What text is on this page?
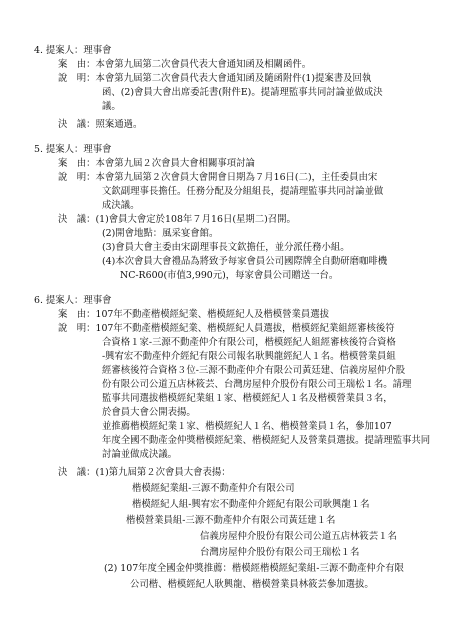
4. 提案人：理事會
案　由：本會第九屆第二次會員代表大會通知函及相關函件。
說　明：本會第九屆第二次會員代表大會通知函及隨函附件(1)提案書及回執
函、(2)會員大會出席委託書(附件E)。提請理監事共同討論並做成決
議。
決　議：照案通過。
5. 提案人：理事會
案　由：本會第九屆２次會員大會相關事項討論
說　明：本會第九屆第２次會員大會開會日期為７月16日(二)，主任委員由宋
文欽副理事長擔任。任務分配及分組組長，提請理監事共同討論並做
成決議。
決　議：(1)會員大會定於108年７月16日(星期二)召開。
(2)開會地點：風采宴會館。
(3)會員大會主委由宋副理事長文欽擔任，並分派任務小組。
(4)本次會員大會禮品為將致予每家會員公司國際牌全自動研磨咖啡機
NC-R600(市值3,990元)，每家會員公司贈送一台。
6. 提案人：理事會
案　由：107年不動產楷模經紀業、楷模經紀人及楷模營業員選拔
說　明：107年不動產楷模經紀業、楷模經紀人員選拔，楷模經紀業組經審核後符
合資格１家-三源不動產仲介有限公司，楷模經紀人組經審核後符合資格
-興宥宏不動產仲介經紀有限公司報名耿興龍經紀人１名。楷模營業員組
經審核後符合資格３位-三源不動產仲介有限公司黃廷建、信義房屋仲介股
份有限公司公道五店林筱芸、台灣房屋仲介股份有限公司王瑞松１名。請理
監事共同選拔楷模經紀業組１家、楷模經紀人１名及楷模營業員３名，
於會員大會公開表揚。
並推薦楷模經紀業１家、楷模經紀人１名、楷模營業員１名，參加107
年度全國不動產金仲獎楷模經紀業、楷模經紀人及營業員選拔。提請理監事共同
討論並做成決議。
決　議：(1)第九屆第２次會員大會表揚：
楷模經紀業組-三源不動產仲介有限公司
楷模經紀人組-興宥宏不動產仲介經紀有限公司耿興龍１名
楷模營業員組-三源不動產仲介有限公司黃廷建１名
信義房屋仲介股份有限公司公道五店林筱芸１名
台灣房屋仲介股份有限公司王瑞松１名
(2) 107年度全國金仲獎推薦：楷模經楷模經紀業組-三源不動產仲介有限
公司楷、楷模經紀人耿興龍、楷模營業員林筱芸參加選拔。
